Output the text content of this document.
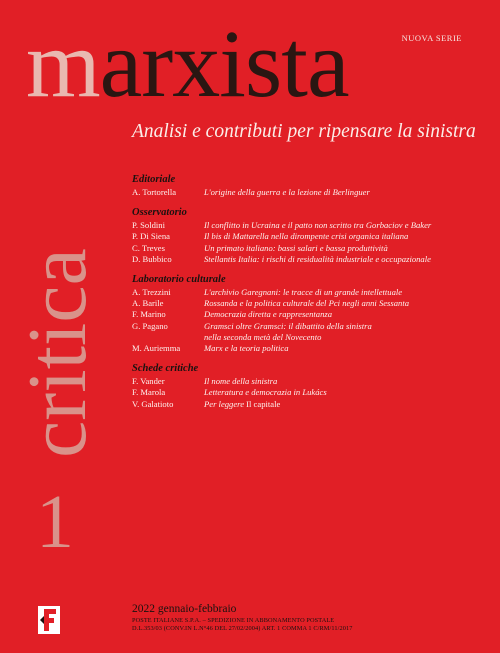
NUOVA SERIE
marxista
Analisi e contributi per ripensare la sinistra
critica
1
Editoriale
A. Tortorella	L'origine della guerra e la lezione di Berlinguer
Osservatorio
P. Soldini	Il conflitto in Ucraina e il patto non scritto tra Gorbaciov e Baker
P. Di Siena	Il bis di Mattarella nella dirompente crisi organica italiana
C. Treves	Un primato italiano: bassi salari e bassa produttività
D. Bubbico	Stellantis Italia: i rischi di residualità industriale e occupazionale
Laboratorio culturale
A. Trezzini	L'archivio Garegnani: le tracce di un grande intellettuale
A. Barile	Rossanda e la politica culturale del Pci negli anni Sessanta
F. Marino	Democrazia diretta e rappresentanza
G. Pagano	Gramsci oltre Gramsci: il dibattito della sinistra
nella seconda metà del Novecento
M. Auriemma	Marx e la teoria politica
Schede critiche
F. Vander	Il nome della sinistra
F. Marola	Letteratura e democrazia in Lukács
V. Galatioto	Per leggere Il capitale
2022 gennaio-febbraio
POSTE ITALIANE S.P.A. – SPEDIZIONE IN ABBONAMENTO POSTALE
D.L.353/03 (CONV.IN L.N°46 DEL 27/02/2004) ART. 1 COMMA 1 C/RM/11/2017
